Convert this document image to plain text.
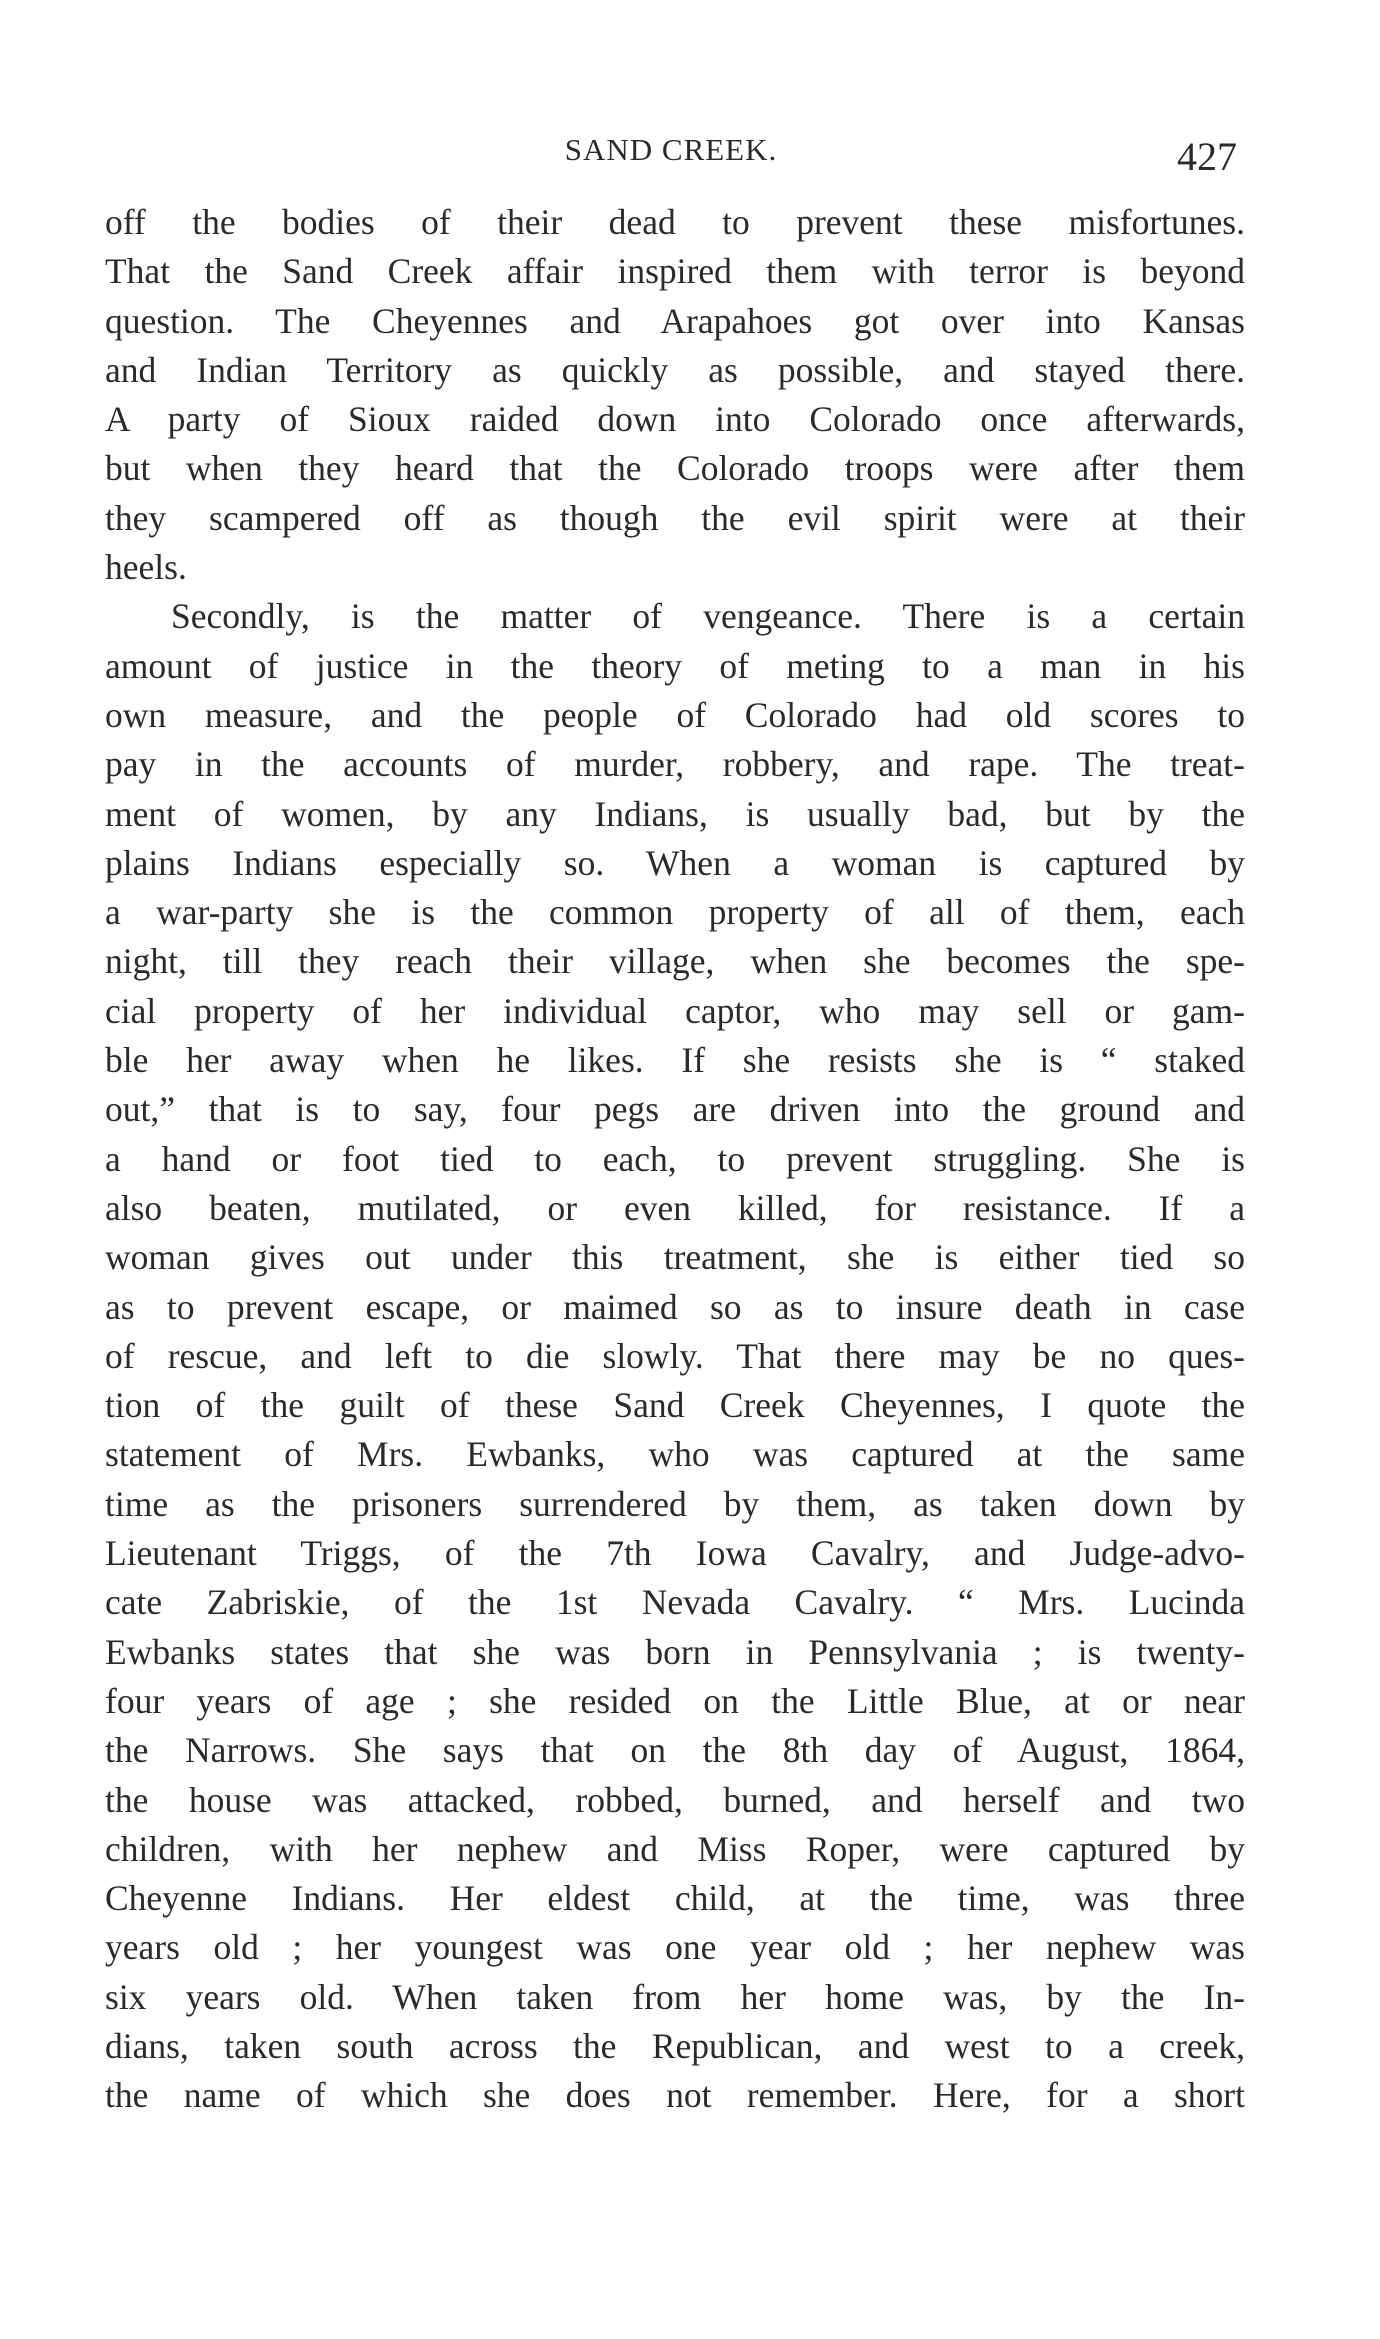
SAND CREEK.	427
off the bodies of their dead to prevent these misfortunes.
That the Sand Creek affair inspired them with terror is beyond
question. The Cheyennes and Arapahoes got over into Kansas
and Indian Territory as quickly as possible, and stayed there.
A party of Sioux raided down into Colorado once afterwards,
but when they heard that the Colorado troops were after them
they scampered off as though the evil spirit were at their
heels.
Secondly, is the matter of vengeance. There is a certain
amount of justice in the theory of meting to a man in his
own measure, and the people of Colorado had old scores to
pay in the accounts of murder, robbery, and rape. The treat-
ment of women, by any Indians, is usually bad, but by the
plains Indians especially so. When a woman is captured by
a war-party she is the common property of all of them, each
night, till they reach their village, when she becomes the spe-
cial property of her individual captor, who may sell or gam-
ble her away when he likes. If she resists she is “ staked
out,” that is to say, four pegs are driven into the ground and
a hand or foot tied to each, to prevent struggling. She is
also beaten, mutilated, or even killed, for resistance. If a
woman gives out under this treatment, she is either tied so
as to prevent escape, or maimed so as to insure death in case
of rescue, and left to die slowly. That there may be no ques-
tion of the guilt of these Sand Creek Cheyennes, I quote the
statement of Mrs. Ewbanks, who was captured at the same
time as the prisoners surrendered by them, as taken down by
Lieutenant Triggs, of the 7th Iowa Cavalry, and Judge-advo-
cate Zabriskie, of the 1st Nevada Cavalry. “ Mrs. Lucinda
Ewbanks states that she was born in Pennsylvania ; is twenty-
four years of age ; she resided on the Little Blue, at or near
the Narrows. She says that on the 8th day of August, 1864,
the house was attacked, robbed, burned, and herself and two
children, with her nephew and Miss Roper, were captured by
Cheyenne Indians. Her eldest child, at the time, was three
years old ; her youngest was one year old ; her nephew was
six years old. When taken from her home was, by the In-
dians, taken south across the Republican, and west to a creek,
the name of which she does not remember. Here, for a short
